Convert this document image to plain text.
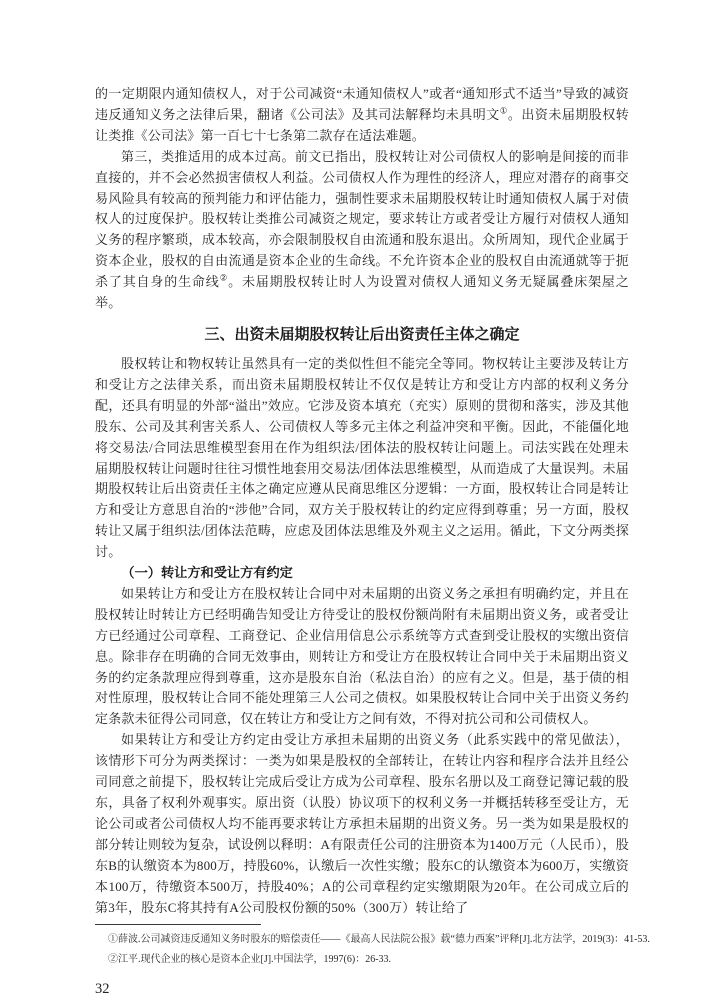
的一定期限内通知债权人，对于公司减资“未通知债权人”或者“通知形式不适当”导致的减资违反通知义务之法律后果，翻诸《公司法》及其司法解释均未具明文①。出资未届期股权转让类推《公司法》第一百七十七条第二款存在适法难题。

第三，类推适用的成本过高。前文已指出，股权转让对公司债权人的影响是间接的而非直接的，并不会必然损害债权人利益。公司债权人作为理性的经济人，理应对潜存的商事交易风险具有较高的预判能力和评估能力，强制性要求未届期股权转让时通知债权人属于对债权人的过度保护。股权转让类推公司减资之规定，要求转让方或者受让方履行对债权人通知义务的程序繁琐，成本较高，亦会限制股权自由流通和股东退出。众所周知，现代企业属于资本企业，股权的自由流通是资本企业的生命线。不允许资本企业的股权自由流通就等于扼杀了其自身的生命线②。未届期股权转让时人为设置对债权人通知义务无疑属叠床架屋之举。

三、出资未届期股权转让后出资责任主体之确定

股权转让和物权转让虽然具有一定的类似性但不能完全等同。物权转让主要涉及转让方和受让方之法律关系，而出资未届期股权转让不仅仅是转让方和受让方内部的权利义务分配，还具有明显的外部“溢出”效应。它涉及资本填充（充实）原则的贯彻和落实，涉及其他股东、公司及其利害关系人、公司债权人等多元主体之利益冲突和平衡。因此，不能僵化地将交易法/合同法思维模型套用在作为组织法/团体法的股权转让问题上。司法实践在处理未届期股权转让问题时往往习惯性地套用交易法/团体法思维模型，从而造成了大量误判。未届期股权转让后出资责任主体之确定应遵从民商思维区分逻辑：一方面，股权转让合同是转让方和受让方意思自治的“涉他”合同，双方关于股权转让的约定应得到尊重；另一方面，股权转让又属于组织法/团体法范畴，应虑及团体法思维及外观主义之运用。循此，下文分两类探讨。

（一）转让方和受让方有约定

如果转让方和受让方在股权转让合同中对未届期的出资义务之承担有明确约定，并且在股权转让时转让方已经明确告知受让方待受让的股权份额尚附有未届期出资义务，或者受让方已经通过公司章程、工商登记、企业信用信息公示系统等方式查到受让股权的实缴出资信息。除非存在明确的合同无效事由，则转让方和受让方在股权转让合同中关于未届期出资义务的约定条款理应得到尊重，这亦是股东自治（私法自治）的应有之义。但是，基于债的相对性原理，股权转让合同不能处理第三人公司之债权。如果股权转让合同中关于出资义务约定条款未征得公司同意，仅在转让方和受让方之间有效，不得对抗公司和公司债权人。

如果转让方和受让方约定由受让方承担未届期的出资义务（此系实践中的常见做法），该情形下可分为两类探讨：一类为如果是股权的全部转让，在转让内容和程序合法并且经公司同意之前提下，股权转让完成后受让方成为公司章程、股东名册以及工商登记簿记载的股东，具备了权利外观事实。原出资（认股）协议项下的权利义务一并概括转移至受让方，无论公司或者公司债权人均不能再要求转让方承担未届期的出资义务。另一类为如果是股权的部分转让则较为复杂，试设例以释明：A有限责任公司的注册资本为1400万元（人民币），股东B的认缴资本为800万，持股60%，认缴后一次性实缴；股东C的认缴资本为600万，实缴资本100万，待缴资本500万，持股40%；A的公司章程约定实缴期限为20年。在公司成立后的第3年，股东C将其持有A公司股权份额的50%（300万）转让给了

①薛波.公司减资违反通知义务时股东的赔偿责任——《最高人民法院公报》载“德力西案”评释[J].北方法学，2019(3)：41-53.

②江平.现代企业的核心是资本企业[J].中国法学，1997(6)：26-33.

32
